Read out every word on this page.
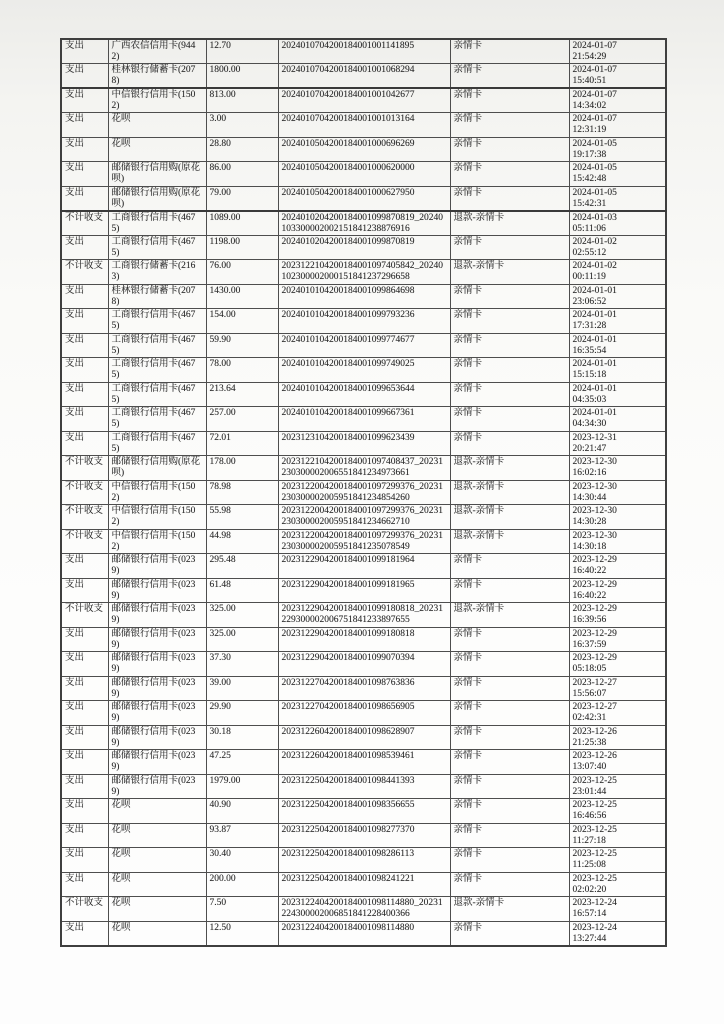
支出	广西农信信用卡(9442)	12.70	2024010704200184001001141895	亲情卡	2024-01-07
21:54:29

支出	桂林银行储蓄卡(2078)	1800.00	2024010704200184001001068294	亲情卡	2024-01-07
15:40:51

支出	中信银行信用卡(1502)	813.00	2024010704200184001001042677	亲情卡	2024-01-07
14:34:02

支出	花呗	3.00	2024010704200184001001013164	亲情卡	2024-01-07
12:31:19

支出	花呗	28.80	2024010504200184001000696269	亲情卡	2024-01-05
19:17:38

支出	邮储银行信用购(原花呗)	86.00	2024010504200184001000620000	亲情卡	2024-01-05
15:42:48

支出	邮储银行信用购(原花呗)	79.00	2024010504200184001000627950	亲情卡	2024-01-05
15:42:31

不计收支	工商银行信用卡(4675)	1089.00	2024010204200184001099870819_20240103300002002151841238876916	退款-亲情卡	2024-01-03
05:11:06

支出	工商银行信用卡(4675)	1198.00	2024010204200184001099870819	亲情卡	2024-01-02
02:55:12

不计收支	工商银行储蓄卡(2163)	76.00	2023122104200184001097405842_20240102300002000151841237296658	退款-亲情卡	2024-01-02
00:11:19

支出	桂林银行储蓄卡(2078)	1430.00	2024010104200184001099864698	亲情卡	2024-01-01
23:06:52

支出	工商银行信用卡(4675)	154.00	2024010104200184001099793236	亲情卡	2024-01-01
17:31:28

支出	工商银行信用卡(4675)	59.90	2024010104200184001099774677	亲情卡	2024-01-01
16:35:54

支出	工商银行信用卡(4675)	78.00	2024010104200184001099749025	亲情卡	2024-01-01
15:15:18

支出	工商银行信用卡(4675)	213.64	2024010104200184001099653644	亲情卡	2024-01-01
04:35:03

支出	工商银行信用卡(4675)	257.00	2024010104200184001099667361	亲情卡	2024-01-01
04:34:30

支出	工商银行信用卡(4675)	72.01	2023123104200184001099623439	亲情卡	2023-12-31
20:21:47

不计收支	邮储银行信用购(原花呗)	178.00	2023122104200184001097408437_20231230300002006551841234973661	退款-亲情卡	2023-12-30
16:02:16

不计收支	中信银行信用卡(1502)	78.98	2023122004200184001097299376_20231230300002005951841234854260	退款-亲情卡	2023-12-30
14:30:44

不计收支	中信银行信用卡(1502)	55.98	2023122004200184001097299376_20231230300002005951841234662710	退款-亲情卡	2023-12-30
14:30:28

不计收支	中信银行信用卡(1502)	44.98	2023122004200184001097299376_20231230300002005951841235078549	退款-亲情卡	2023-12-30
14:30:18

支出	邮储银行信用卡(0239)	295.48	2023122904200184001099181964	亲情卡	2023-12-29
16:40:22

支出	邮储银行信用卡(0239)	61.48	2023122904200184001099181965	亲情卡	2023-12-29
16:40:22

不计收支	邮储银行信用卡(0239)	325.00	2023122904200184001099180818_20231229300002006751841233897655	退款-亲情卡	2023-12-29
16:39:56

支出	邮储银行信用卡(0239)	325.00	2023122904200184001099180818	亲情卡	2023-12-29
16:37:59

支出	邮储银行信用卡(0239)	37.30	2023122904200184001099070394	亲情卡	2023-12-29
05:18:05

支出	邮储银行信用卡(0239)	39.00	2023122704200184001098763836	亲情卡	2023-12-27
15:56:07

支出	邮储银行信用卡(0239)	29.90	2023122704200184001098656905	亲情卡	2023-12-27
02:42:31

支出	邮储银行信用卡(0239)	30.18	2023122604200184001098628907	亲情卡	2023-12-26
21:25:38

支出	邮储银行信用卡(0239)	47.25	2023122604200184001098539461	亲情卡	2023-12-26
13:07:40

支出	邮储银行信用卡(0239)	1979.00	2023122504200184001098441393	亲情卡	2023-12-25
23:01:44

支出	花呗	40.90	2023122504200184001098356655	亲情卡	2023-12-25
16:46:56

支出	花呗	93.87	2023122504200184001098277370	亲情卡	2023-12-25
11:27:18

支出	花呗	30.40	2023122504200184001098286113	亲情卡	2023-12-25
11:25:08

支出	花呗	200.00	2023122504200184001098241221	亲情卡	2023-12-25
02:02:20

不计收支	花呗	7.50	2023122404200184001098114880_20231224300002006851841228400366	退款-亲情卡	2023-12-24
16:57:14

支出	花呗	12.50	2023122404200184001098114880	亲情卡	2023-12-24
13:27:44
